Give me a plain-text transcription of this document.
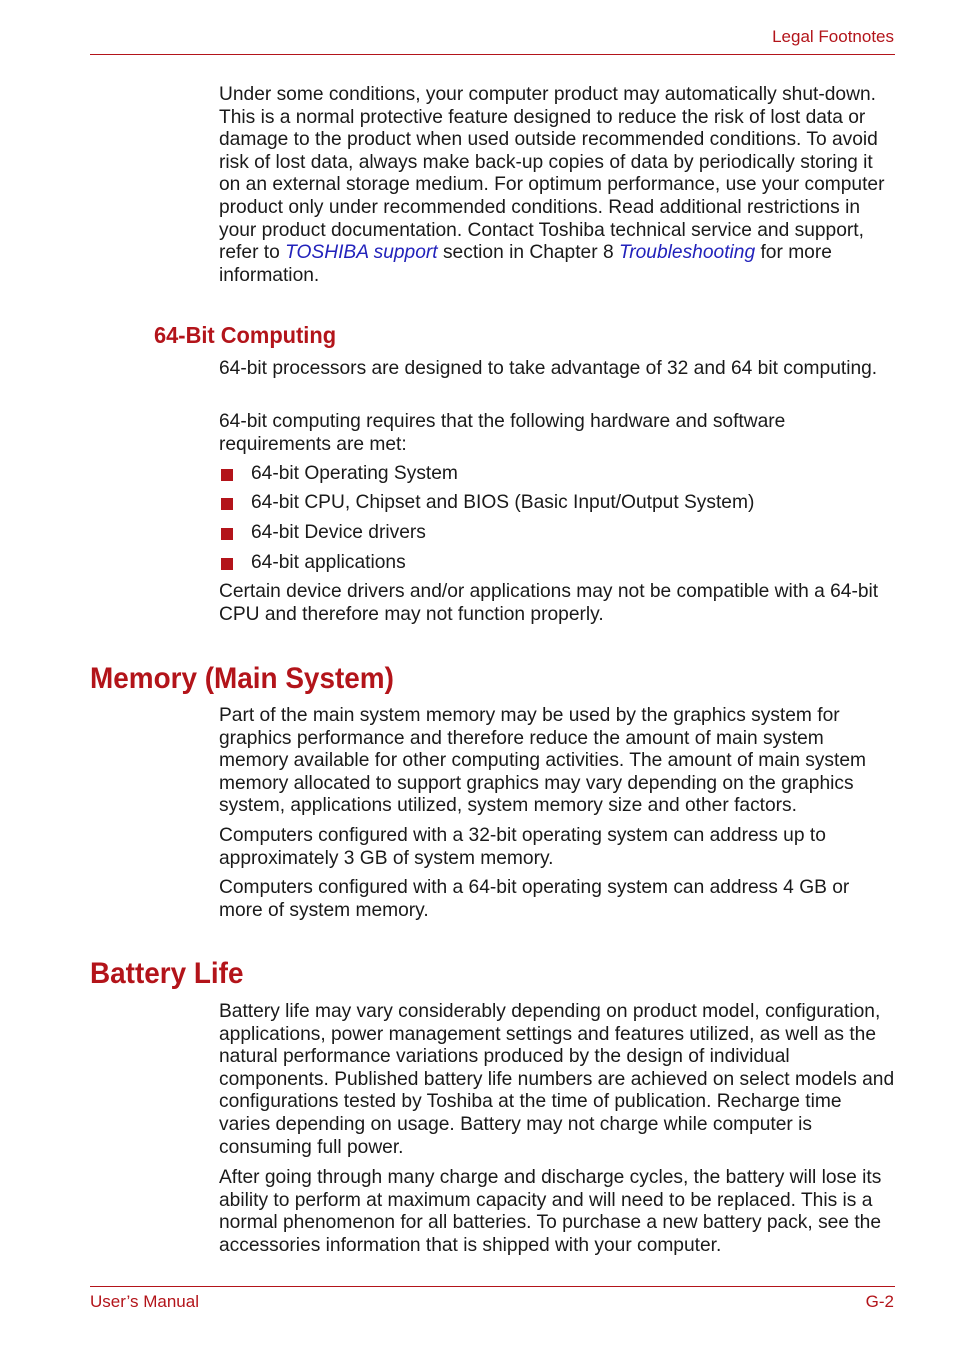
Legal Footnotes

Under some conditions, your computer product may automatically shut-down. This is a normal protective feature designed to reduce the risk of lost data or damage to the product when used outside recommended conditions. To avoid risk of lost data, always make back-up copies of data by periodically storing it on an external storage medium. For optimum performance, use your computer product only under recommended conditions. Read additional restrictions in your product documentation. Contact Toshiba technical service and support, refer to TOSHIBA support section in Chapter 8 Troubleshooting for more information.

64-Bit Computing

64-bit processors are designed to take advantage of 32 and 64 bit computing.

64-bit computing requires that the following hardware and software requirements are met:

64-bit Operating System
64-bit CPU, Chipset and BIOS (Basic Input/Output System)
64-bit Device drivers
64-bit applications

Certain device drivers and/or applications may not be compatible with a 64-bit CPU and therefore may not function properly.

Memory (Main System)

Part of the main system memory may be used by the graphics system for graphics performance and therefore reduce the amount of main system memory available for other computing activities. The amount of main system memory allocated to support graphics may vary depending on the graphics system, applications utilized, system memory size and other factors.

Computers configured with a 32-bit operating system can address up to approximately 3 GB of system memory.

Computers configured with a 64-bit operating system can address 4 GB or more of system memory.

Battery Life

Battery life may vary considerably depending on product model, configuration, applications, power management settings and features utilized, as well as the natural performance variations produced by the design of individual components. Published battery life numbers are achieved on select models and configurations tested by Toshiba at the time of publication. Recharge time varies depending on usage. Battery may not charge while computer is consuming full power.

After going through many charge and discharge cycles, the battery will lose its ability to perform at maximum capacity and will need to be replaced. This is a normal phenomenon for all batteries. To purchase a new battery pack, see the accessories information that is shipped with your computer.

User’s Manual	G-2
